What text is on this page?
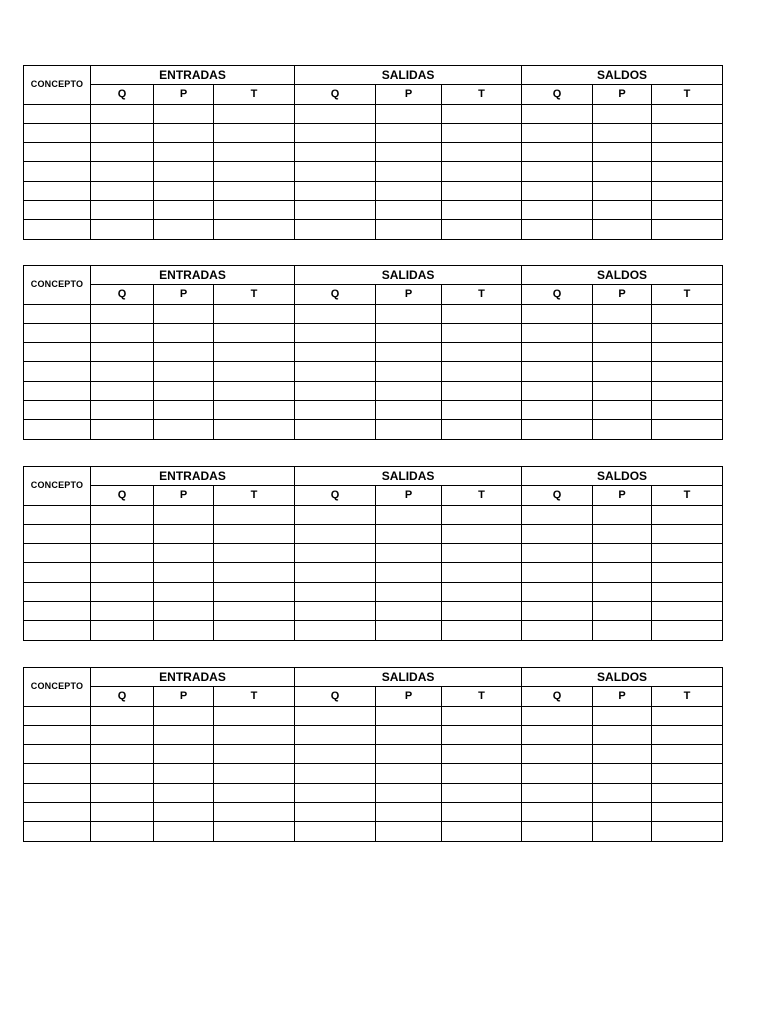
CONCEPTO	ENTRADAS			SALIDAS			SALDOS		
	Q	P	T	Q	P	T	Q	P	T

CONCEPTO	ENTRADAS			SALIDAS			SALDOS		
	Q	P	T	Q	P	T	Q	P	T

CONCEPTO	ENTRADAS			SALIDAS			SALDOS		
	Q	P	T	Q	P	T	Q	P	T

CONCEPTO	ENTRADAS			SALIDAS			SALDOS		
	Q	P	T	Q	P	T	Q	P	T
